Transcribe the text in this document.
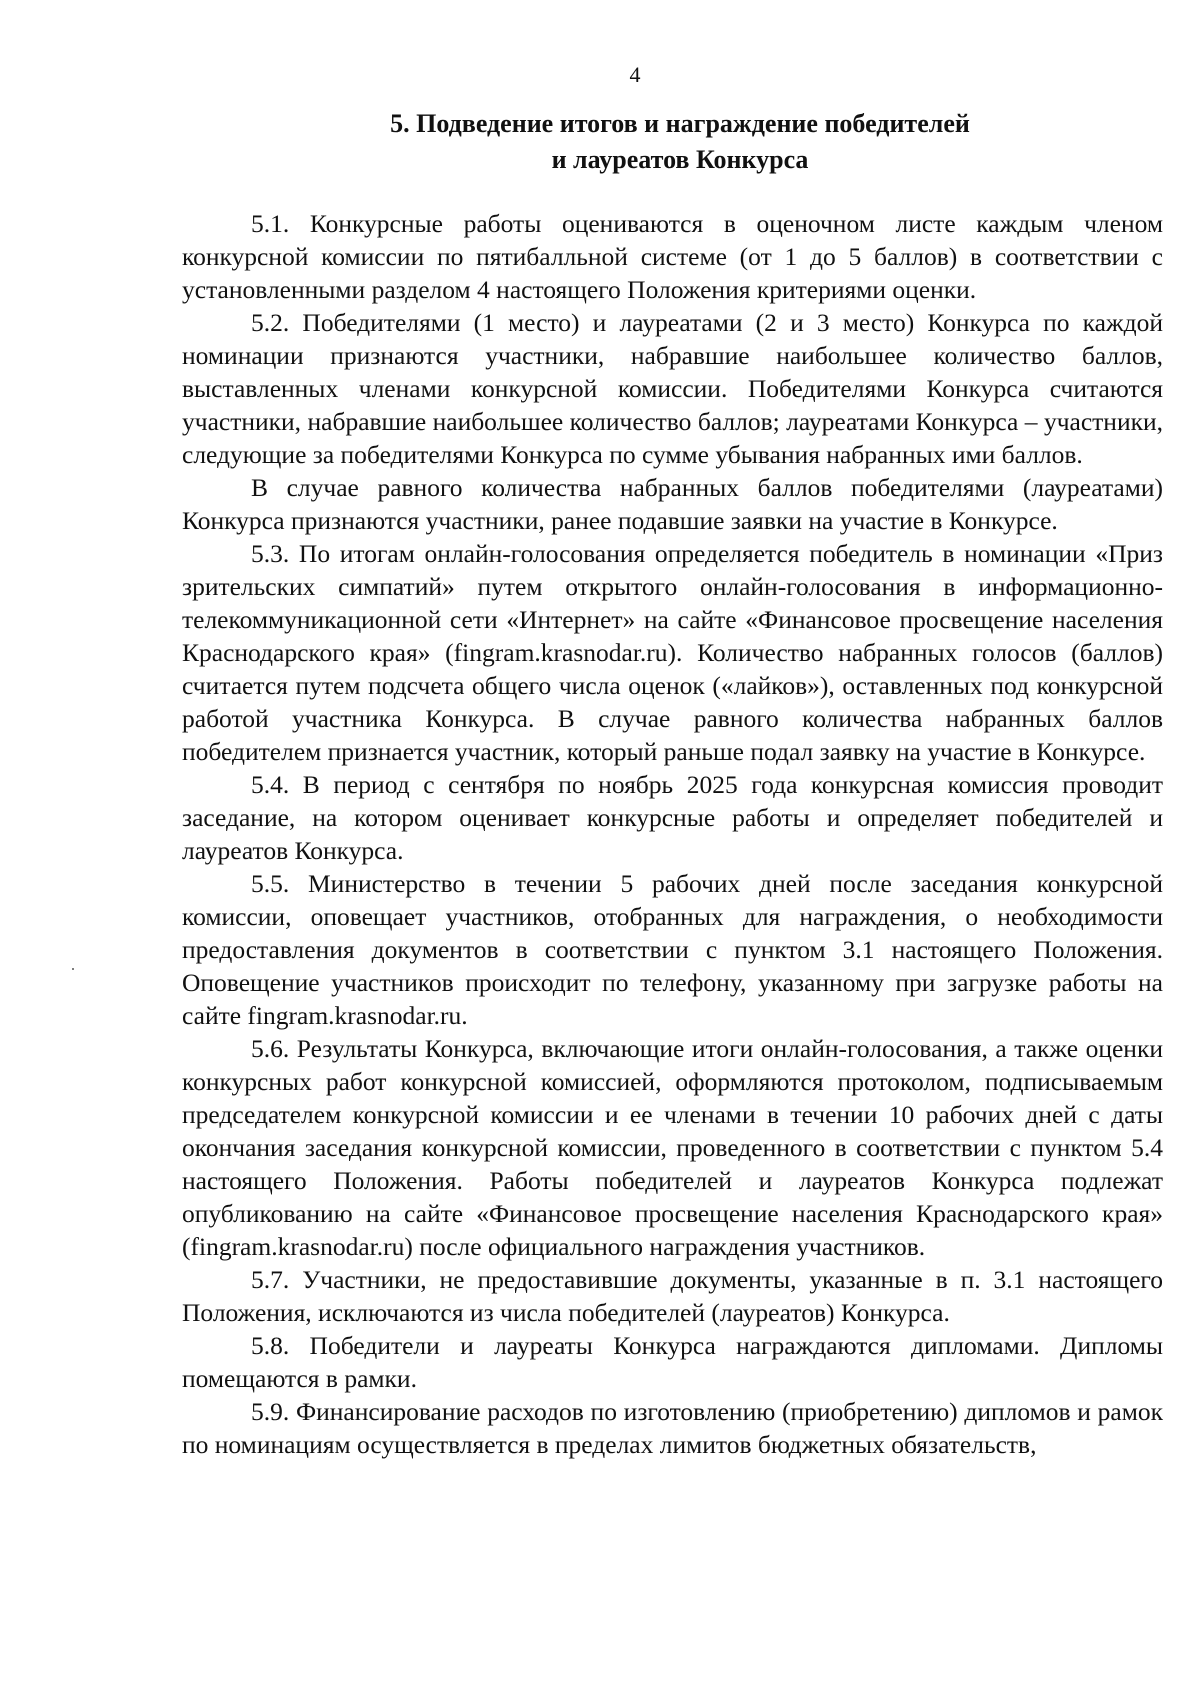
4
5. Подведение итогов и награждение победителей
и лауреатов Конкурса

5.1. Конкурсные работы оцениваются в оценочном листе каждым членом конкурсной комиссии по пятибалльной системе (от 1 до 5 баллов) в соответствии с установленными разделом 4 настоящего Положения критериями оценки.

5.2. Победителями (1 место) и лауреатами (2 и 3 место) Конкурса по каждой номинации признаются участники, набравшие наибольшее количество баллов, выставленных членами конкурсной комиссии. Победителями Конкурса считаются участники, набравшие наибольшее количество баллов; лауреатами Конкурса – участники, следующие за победителями Конкурса по сумме убывания набранных ими баллов.

В случае равного количества набранных баллов победителями (лауреатами) Конкурса признаются участники, ранее подавшие заявки на участие в Конкурсе.

5.3. По итогам онлайн-голосования определяется победитель в номинации «Приз зрительских симпатий» путем открытого онлайн-голосования в информационно-телекоммуникационной сети «Интернет» на сайте «Финансовое просвещение населения Краснодарского края» (fingram.krasnodar.ru). Количество набранных голосов (баллов) считается путем подсчета общего числа оценок («лайков»), оставленных под конкурсной работой участника Конкурса. В случае равного количества набранных баллов победителем признается участник, который раньше подал заявку на участие в Конкурсе.

5.4. В период с сентября по ноябрь 2025 года конкурсная комиссия проводит заседание, на котором оценивает конкурсные работы и определяет победителей и лауреатов Конкурса.

5.5. Министерство в течении 5 рабочих дней после заседания конкурсной комиссии, оповещает участников, отобранных для награждения, о необходимости предоставления документов в соответствии с пунктом 3.1 настоящего Положения. Оповещение участников происходит по телефону, указанному при загрузке работы на сайте fingram.krasnodar.ru.

5.6. Результаты Конкурса, включающие итоги онлайн-голосования, а также оценки конкурсных работ конкурсной комиссией, оформляются протоколом, подписываемым председателем конкурсной комиссии и ее членами в течении 10 рабочих дней с даты окончания заседания конкурсной комиссии, проведенного в соответствии с пунктом 5.4 настоящего Положения. Работы победителей и лауреатов Конкурса подлежат опубликованию на сайте «Финансовое просвещение населения Краснодарского края» (fingram.krasnodar.ru) после официального награждения участников.

5.7. Участники, не предоставившие документы, указанные в п. 3.1 настоящего Положения, исключаются из числа победителей (лауреатов) Конкурса.

5.8. Победители и лауреаты Конкурса награждаются дипломами. Дипломы помещаются в рамки.

5.9. Финансирование расходов по изготовлению (приобретению) дипломов и рамок по номинациям осуществляется в пределах лимитов бюджетных обязательств,
